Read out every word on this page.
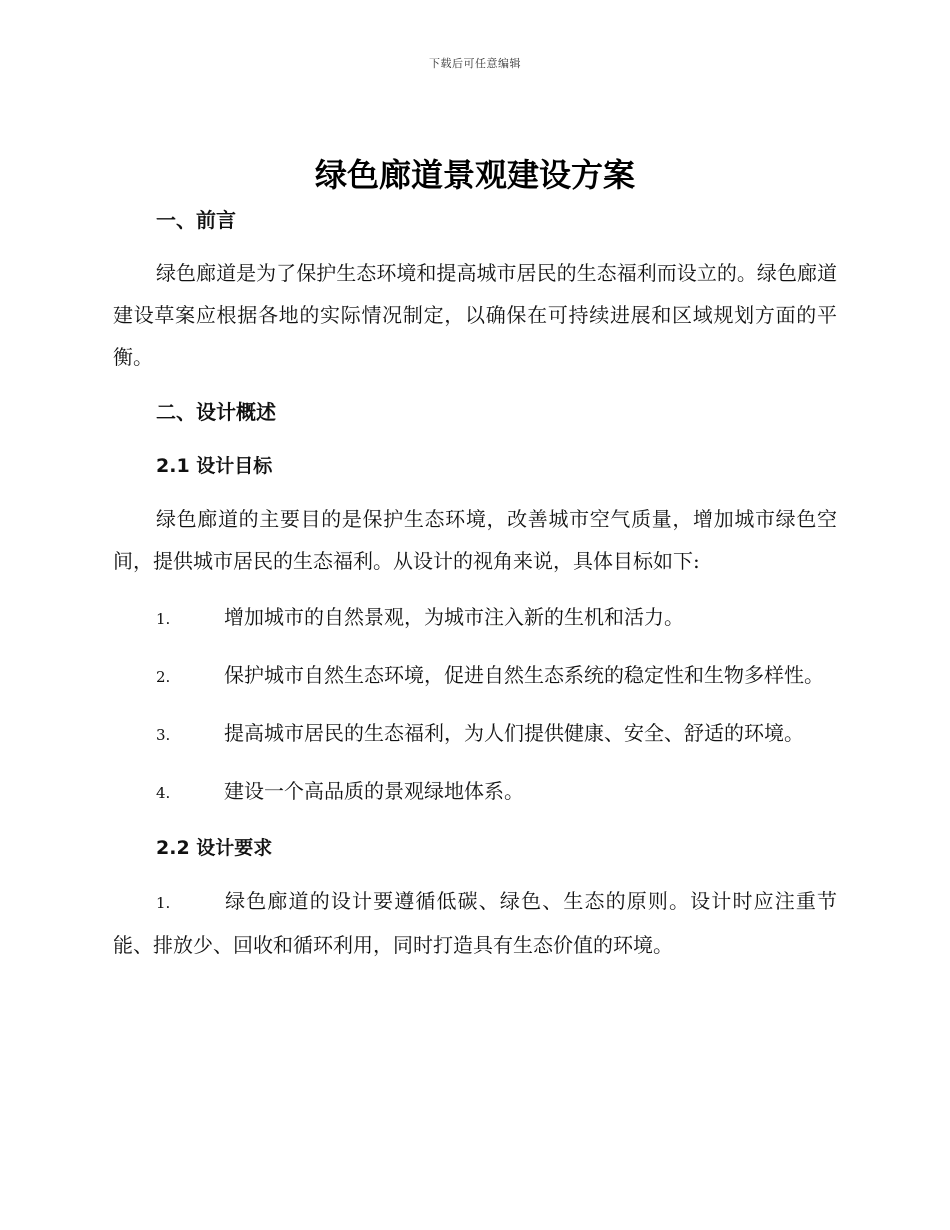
下载后可任意编辑
绿色廊道景观建设方案
一、前言

绿色廊道是为了保护生态环境和提高城市居民的生态福利而设立的。绿色廊道建设草案应根据各地的实际情况制定，以确保在可持续进展和区域规划方面的平衡。

二、设计概述
2.1 设计目标

绿色廊道的主要目的是保护生态环境，改善城市空气质量，增加城市绿色空间，提供城市居民的生态福利。从设计的视角来说，具体目标如下:

1.	增加城市的自然景观，为城市注入新的生机和活力。

2.	保护城市自然生态环境，促进自然生态系统的稳定性和生物多样性。

3.	提高城市居民的生态福利，为人们提供健康、安全、舒适的环境。

4.	建设一个高品质的景观绿地体系。

2.2 设计要求

1.	绿色廊道的设计要遵循低碳、绿色、生态的原则。设计时应注重节能、排放少、回收和循环利用，同时打造具有生态价值的环境。
